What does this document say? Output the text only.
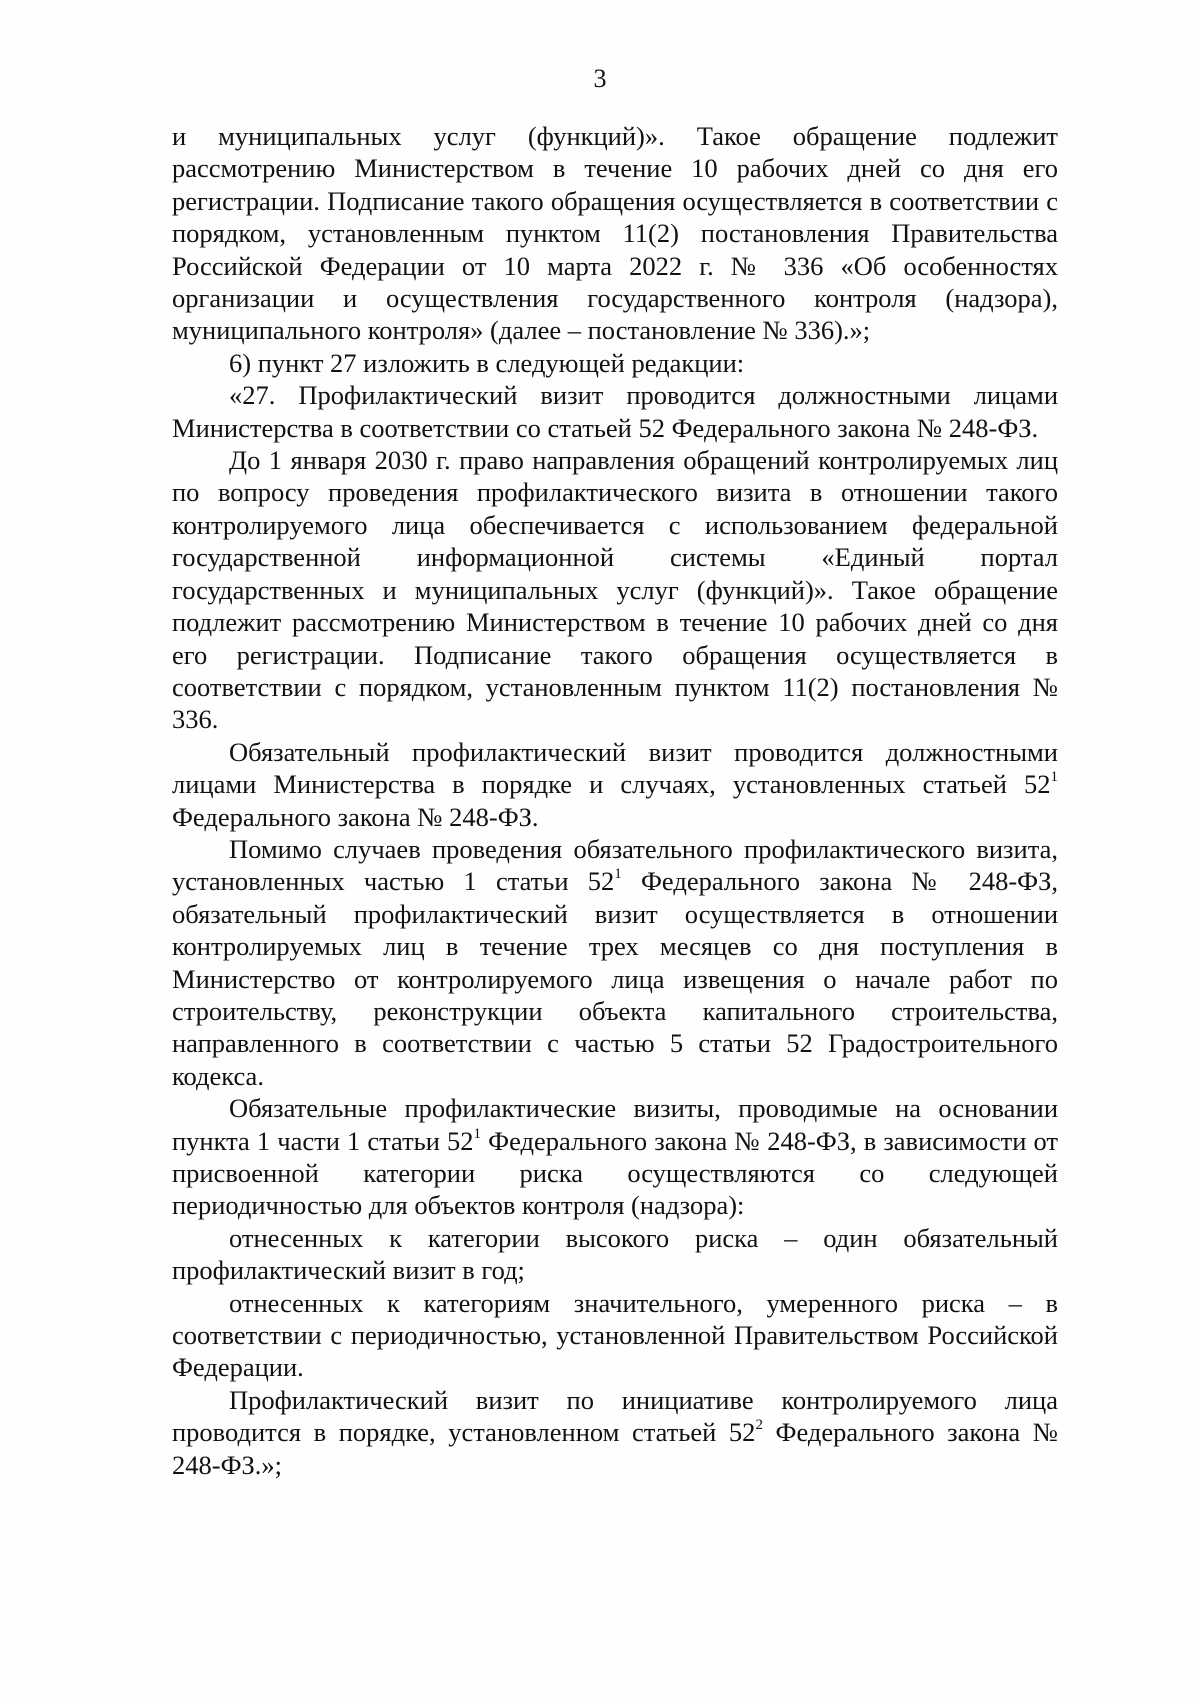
3

и муниципальных услуг (функций)». Такое обращение подлежит рассмотрению Министерством в течение 10 рабочих дней со дня его регистрации. Подписание такого обращения осуществляется в соответствии с порядком, установленным пунктом 11(2) постановления Правительства Российской Федерации от 10 марта 2022 г. № 336 «Об особенностях организации и осуществления государственного контроля (надзора), муниципального контроля» (далее – постановление № 336).»;

6) пункт 27 изложить в следующей редакции:

«27. Профилактический визит проводится должностными лицами Министерства в соответствии со статьей 52 Федерального закона № 248-ФЗ.

До 1 января 2030 г. право направления обращений контролируемых лиц по вопросу проведения профилактического визита в отношении такого контролируемого лица обеспечивается с использованием федеральной государственной информационной системы «Единый портал государственных и муниципальных услуг (функций)». Такое обращение подлежит рассмотрению Министерством в течение 10 рабочих дней со дня его регистрации. Подписание такого обращения осуществляется в соответствии с порядком, установленным пунктом 11(2) постановления № 336.

Обязательный профилактический визит проводится должностными лицами Министерства в порядке и случаях, установленных статьей $52^1$ Федерального закона № 248-ФЗ.

Помимо случаев проведения обязательного профилактического визита, установленных частью 1 статьи $52^1$ Федерального закона № 248-ФЗ, обязательный профилактический визит осуществляется в отношении контролируемых лиц в течение трех месяцев со дня поступления в Министерство от контролируемого лица извещения о начале работ по строительству, реконструкции объекта капитального строительства, направленного в соответствии с частью 5 статьи 52 Градостроительного кодекса.

Обязательные профилактические визиты, проводимые на основании пункта 1 части 1 статьи $52^1$ Федерального закона № 248-ФЗ, в зависимости от присвоенной категории риска осуществляются со следующей периодичностью для объектов контроля (надзора):

отнесенных к категории высокого риска – один обязательный профилактический визит в год;

отнесенных к категориям значительного, умеренного риска – в соответствии с периодичностью, установленной Правительством Российской Федерации.

Профилактический визит по инициативе контролируемого лица проводится в порядке, установленном статьей $52^2$ Федерального закона № 248-ФЗ.»;
